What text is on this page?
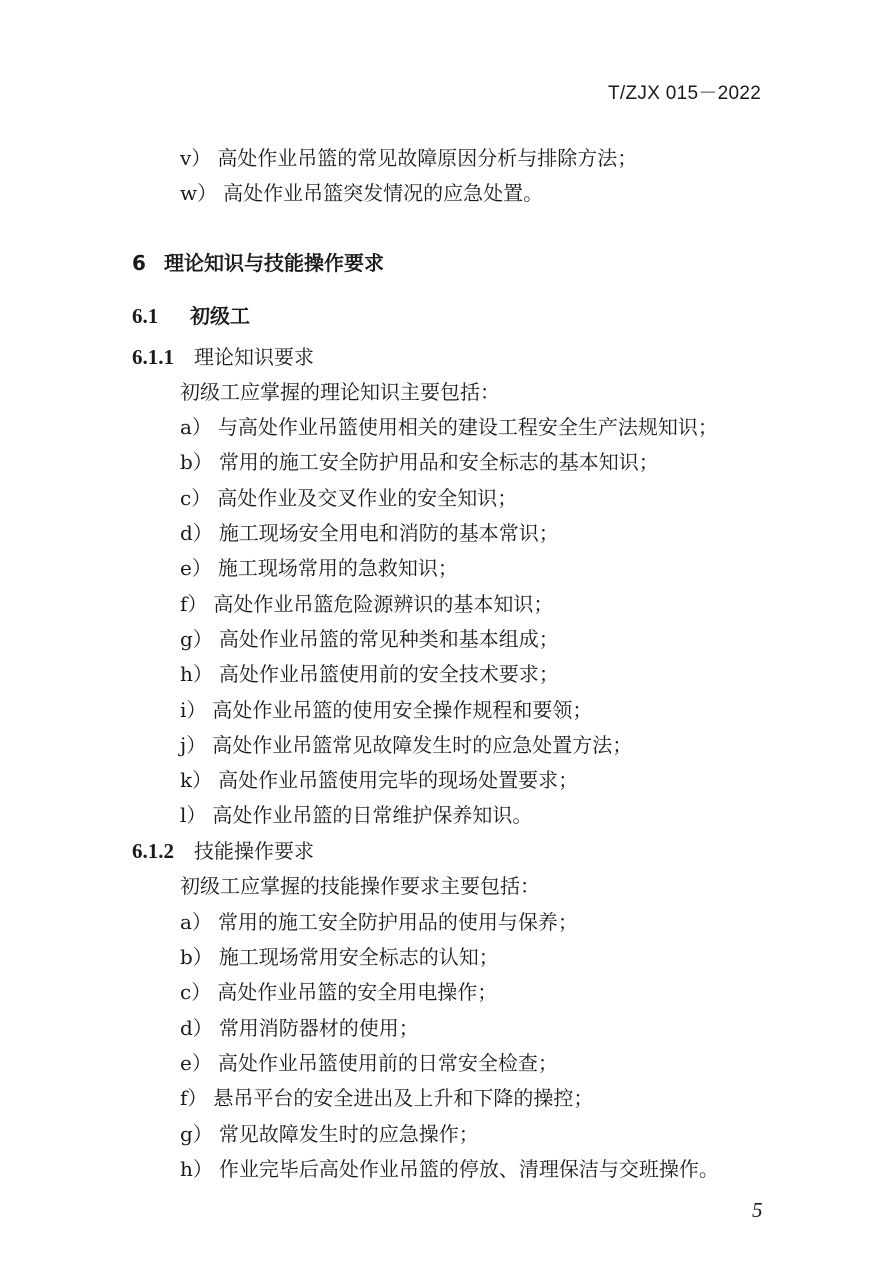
T/ZJX 015－2022
v） 高处作业吊篮的常见故障原因分析与排除方法；
w） 高处作业吊篮突发情况的应急处置。
6 理论知识与技能操作要求
6.1 初级工
6.1.1 理论知识要求
初级工应掌握的理论知识主要包括：
a） 与高处作业吊篮使用相关的建设工程安全生产法规知识；
b） 常用的施工安全防护用品和安全标志的基本知识；
c） 高处作业及交叉作业的安全知识；
d） 施工现场安全用电和消防的基本常识；
e） 施工现场常用的急救知识；
f） 高处作业吊篮危险源辨识的基本知识；
g） 高处作业吊篮的常见种类和基本组成；
h） 高处作业吊篮使用前的安全技术要求；
i） 高处作业吊篮的使用安全操作规程和要领；
j） 高处作业吊篮常见故障发生时的应急处置方法；
k） 高处作业吊篮使用完毕的现场处置要求；
l） 高处作业吊篮的日常维护保养知识。
6.1.2 技能操作要求
初级工应掌握的技能操作要求主要包括：
a） 常用的施工安全防护用品的使用与保养；
b） 施工现场常用安全标志的认知；
c） 高处作业吊篮的安全用电操作；
d） 常用消防器材的使用；
e） 高处作业吊篮使用前的日常安全检查；
f） 悬吊平台的安全进出及上升和下降的操控；
g） 常见故障发生时的应急操作；
h） 作业完毕后高处作业吊篮的停放、清理保洁与交班操作。
5
